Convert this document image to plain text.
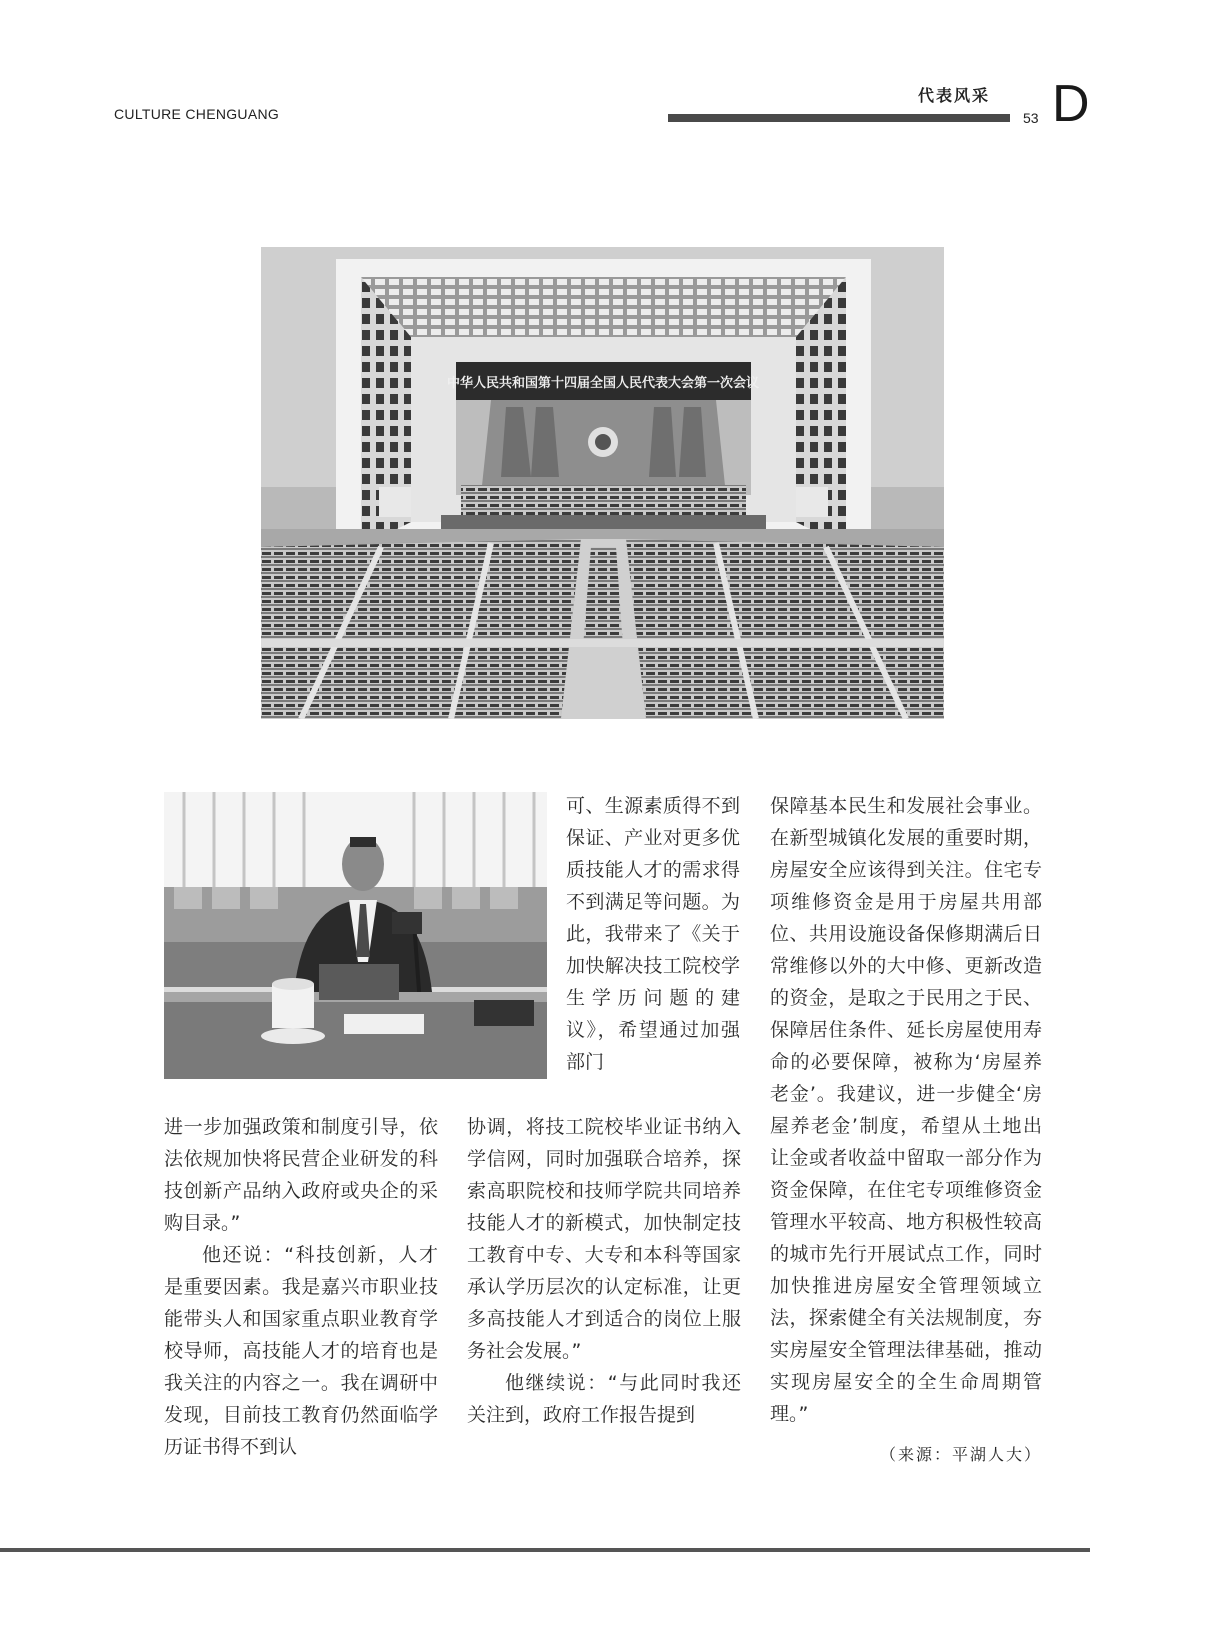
CULTURE CHENGUANG
代表风采
53 D
中华人民共和国第十四届全国人民代表大会第一次会议

可、生源素质得不到保证、产业对更多优质技能人才的需求得不到满足等问题。为此，我带来了《关于加快解决技工院校学生学历问题的建议》，希望通过加强部门

进一步加强政策和制度引导，依法依规加快将民营企业研发的科技创新产品纳入政府或央企的采购目录。”

他还说：“科技创新，人才是重要因素。我是嘉兴市职业技能带头人和国家重点职业教育学校导师，高技能人才的培育也是我关注的内容之一。我在调研中发现，目前技工教育仍然面临学历证书得不到认

协调，将技工院校毕业证书纳入学信网，同时加强联合培养，探索高职院校和技师学院共同培养技能人才的新模式，加快制定技工教育中专、大专和本科等国家承认学历层次的认定标准，让更多高技能人才到适合的岗位上服务社会发展。”

他继续说：“与此同时我还关注到，政府工作报告提到

保障基本民生和发展社会事业。在新型城镇化发展的重要时期，房屋安全应该得到关注。住宅专项维修资金是用于房屋共用部位、共用设施设备保修期满后日常维修以外的大中修、更新改造的资金，是取之于民用之于民、保障居住条件、延长房屋使用寿命的必要保障，被称为‘房屋养老金’。我建议，进一步健全‘房屋养老金’制度，希望从土地出让金或者收益中留取一部分作为资金保障，在住宅专项维修资金管理水平较高、地方积极性较高的城市先行开展试点工作，同时加快推进房屋安全管理领域立法，探索健全有关法规制度，夯实房屋安全管理法律基础，推动实现房屋安全的全生命周期管理。”

（来源：平湖人大）
